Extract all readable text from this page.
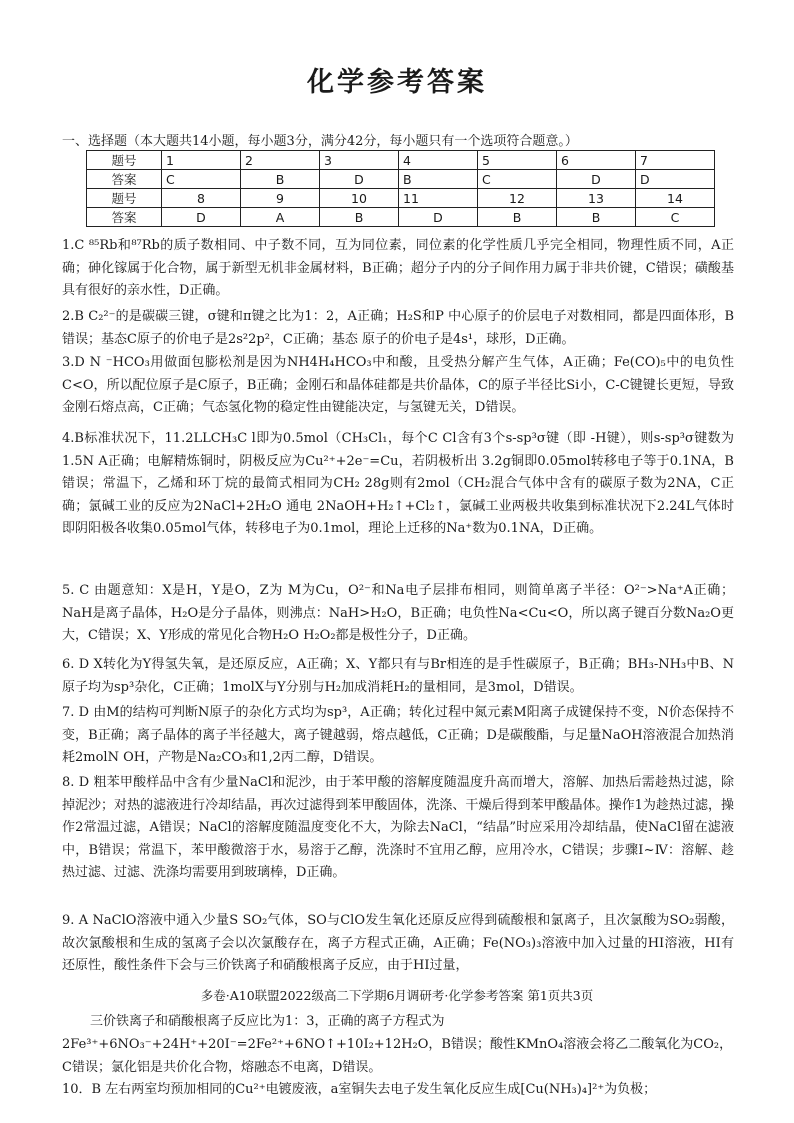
化学参考答案
一、选择题（本大题共14小题，每小题3分，满分42分，每小题只有一个选项符合题意。）
题号	1	2	3	4	5	6	7
答案	C	B	D	B	C	D	D
题号	8	9	10	11	12	13	14
答案	D	A	B	D	B	B	C

1.C ⁸⁵Rb和⁸⁷Rb的质子数相同、中子数不同，互为同位素，同位素的化学性质几乎完全相同，物理性质不同，A正确；砷化镓属于化合物，属于新型无机非金属材料，B正确；超分子内的分子间作用力属于非共价键，C错误；磺酸基具有很好的亲水性，D正确。

2.B C₂²⁻的是碳碳三键，σ键和π键之比为1：2，A正确；H₂S和P 中心原子的价层电子对数相同，都是四面体形，B错误；基态C原子的价电子是2s²2p²，C正确；基态 原子的价电子是4s¹，球形，D正确。

3.D N ⁻HCO₃用做面包膨松剂是因为NH4H₄HCO₃中和酸，且受热分解产生气体，A正确；Fe(CO)₅中的电负性C<O，所以配位原子是C原子，B正确；金刚石和晶体硅都是共价晶体，C的原子半径比Si小，C-C键键长更短，导致金刚石熔点高，C正确；气态氢化物的稳定性由键能决定，与氢键无关，D错误。

4.B标准状况下，11.2LLCH₃C l即为0.5mol（CH₃Cl₁，每个C Cl含有3个s-sp³σ键（即 -H键），则s-sp³σ键数为1.5N A正确；电解精炼铜时，阴极反应为Cu²⁺+2e⁻=Cu，若阴极析出 3.2g铜即0.05mol转移电子等于0.1NA，B错误；常温下，乙烯和环丁烷的最简式相同为CH₂ 28g则有2mol（CH₂混合气体中含有的碳原子数为2NA，C正确；氯碱工业的反应为2NaCl+2H₂O 通电 2NaOH+H₂↑+Cl₂↑，氯碱工业两极共收集到标准状况下2.24L气体时即阴阳极各收集0.05mol气体，转移电子为0.1mol，理论上迁移的Na⁺数为0.1NA，D正确。

5. C 由题意知：X是H，Y是O，Z为 M为Cu，O²⁻和Na电子层排布相同，则简单离子半径：O²⁻>Na⁺A正确；NaH是离子晶体，H₂O是分子晶体，则沸点：NaH>H₂O，B正确；电负性Na<Cu<O，所以离子键百分数Na₂O更大，C错误；X、Y形成的常见化合物H₂O H₂O₂都是极性分子，D正确。

6. D X转化为Y得氢失氧，是还原反应，A正确；X、Y都只有与Br相连的是手性碳原子，B正确；BH₃-NH₃中B、N原子均为sp³杂化，C正确；1molX与Y分别与H₂加成消耗H₂的量相同，是3mol，D错误。

7. D 由M的结构可判断N原子的杂化方式均为sp³，A正确；转化过程中氮元素M阳离子成键保持不变，N价态保持不变，B正确；离子晶体的离子半径越大，离子键越弱，熔点越低，C正确；D是碳酸酯，与足量NaOH溶液混合加热消耗2molN OH，产物是Na₂CO₃和1,2丙二醇，D错误。

8. D 粗苯甲酸样品中含有少量NaCl和泥沙，由于苯甲酸的溶解度随温度升高而增大，溶解、加热后需趁热过滤，除掉泥沙；对热的滤液进行冷却结晶，再次过滤得到苯甲酸固体，洗涤、干燥后得到苯甲酸晶体。操作1为趁热过滤，操作2常温过滤，A错误；NaCl的溶解度随温度变化不大，为除去NaCl，“结晶”时应采用冷却结晶，使NaCl留在滤液中，B错误；常温下，苯甲酸微溶于水，易溶于乙醇，洗涤时不宜用乙醇，应用冷水，C错误；步骤Ⅰ~Ⅳ：溶解、趁热过滤、过滤、洗涤均需要用到玻璃棒，D正确。

9. A NaClO溶液中通入少量S SO₂气体，SO与ClO发生氧化还原反应得到硫酸根和氯离子，且次氯酸为SO₂弱酸，故次氯酸根和生成的氢离子会以次氯酸存在，离子方程式正确，A正确；Fe(NO₃)₃溶液中加入过量的HI溶液，HI有还原性，酸性条件下会与三价铁离子和硝酸根离子反应，由于HI过量，

多卷·A10联盟2022级高二下学期6月调研考·化学参考答案 第1页共3页

三价铁离子和硝酸根离子反应比为1：3，正确的离子方程式为2Fe³⁺+6NO₃⁻+24H⁺+20I⁻=2Fe²⁺+6NO↑+10I₂+12H₂O，B错误；酸性KMnO₄溶液会将乙二酸氧化为CO₂，C错误；氯化铝是共价化合物，熔融态不电离，D错误。

10．B 左右两室均预加相同的Cu²⁺电镀废液，a室铜失去电子发生氧化反应生成[Cu(NH₃)₄]²⁺为负极；
